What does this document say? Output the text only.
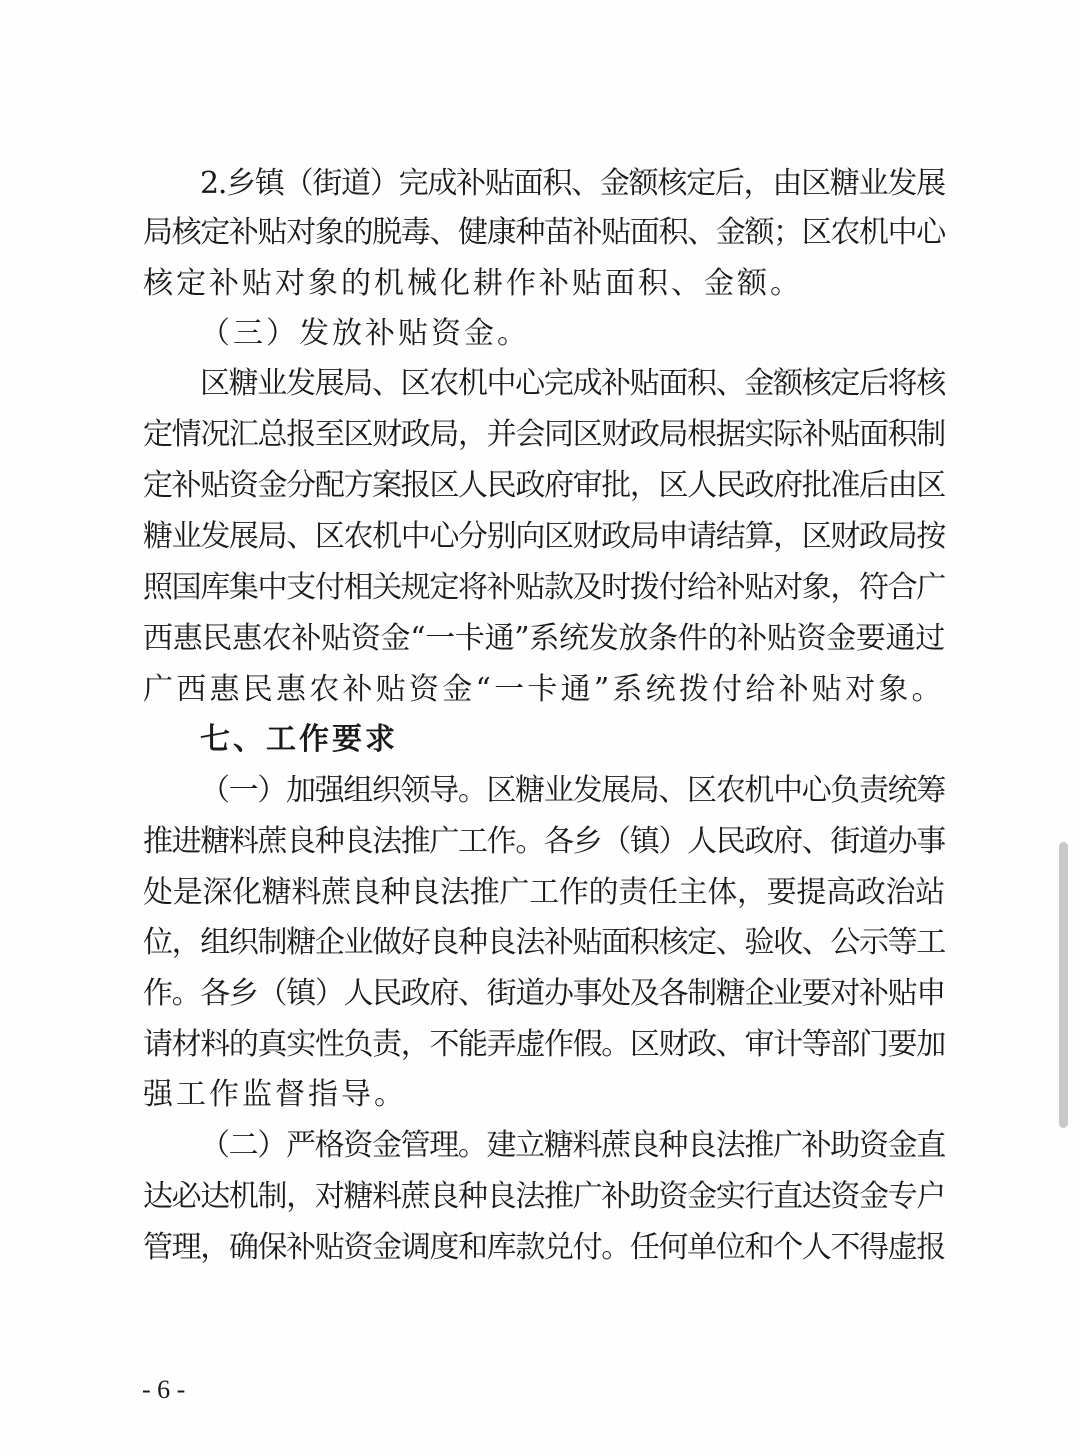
2.乡镇（街道）完成补贴面积、金额核定后，由区糖业发展
局核定补贴对象的脱毒、健康种苗补贴面积、金额；区农机中心
核定补贴对象的机械化耕作补贴面积、金额。
（三）发放补贴资金。
区糖业发展局、区农机中心完成补贴面积、金额核定后将核
定情况汇总报至区财政局，并会同区财政局根据实际补贴面积制
定补贴资金分配方案报区人民政府审批，区人民政府批准后由区
糖业发展局、区农机中心分别向区财政局申请结算，区财政局按
照国库集中支付相关规定将补贴款及时拨付给补贴对象，符合广
西惠民惠农补贴资金“一卡通”系统发放条件的补贴资金要通过
广西惠民惠农补贴资金“一卡通”系统拨付给补贴对象。
七、工作要求
（一）加强组织领导。区糖业发展局、区农机中心负责统筹
推进糖料蔗良种良法推广工作。各乡（镇）人民政府、街道办事
处是深化糖料蔗良种良法推广工作的责任主体，要提高政治站
位，组织制糖企业做好良种良法补贴面积核定、验收、公示等工
作。各乡（镇）人民政府、街道办事处及各制糖企业要对补贴申
请材料的真实性负责，不能弄虚作假。区财政、审计等部门要加
强工作监督指导。
（二）严格资金管理。建立糖料蔗良种良法推广补助资金直
达必达机制，对糖料蔗良种良法推广补助资金实行直达资金专户
管理，确保补贴资金调度和库款兑付。任何单位和个人不得虚报
- 6 -
